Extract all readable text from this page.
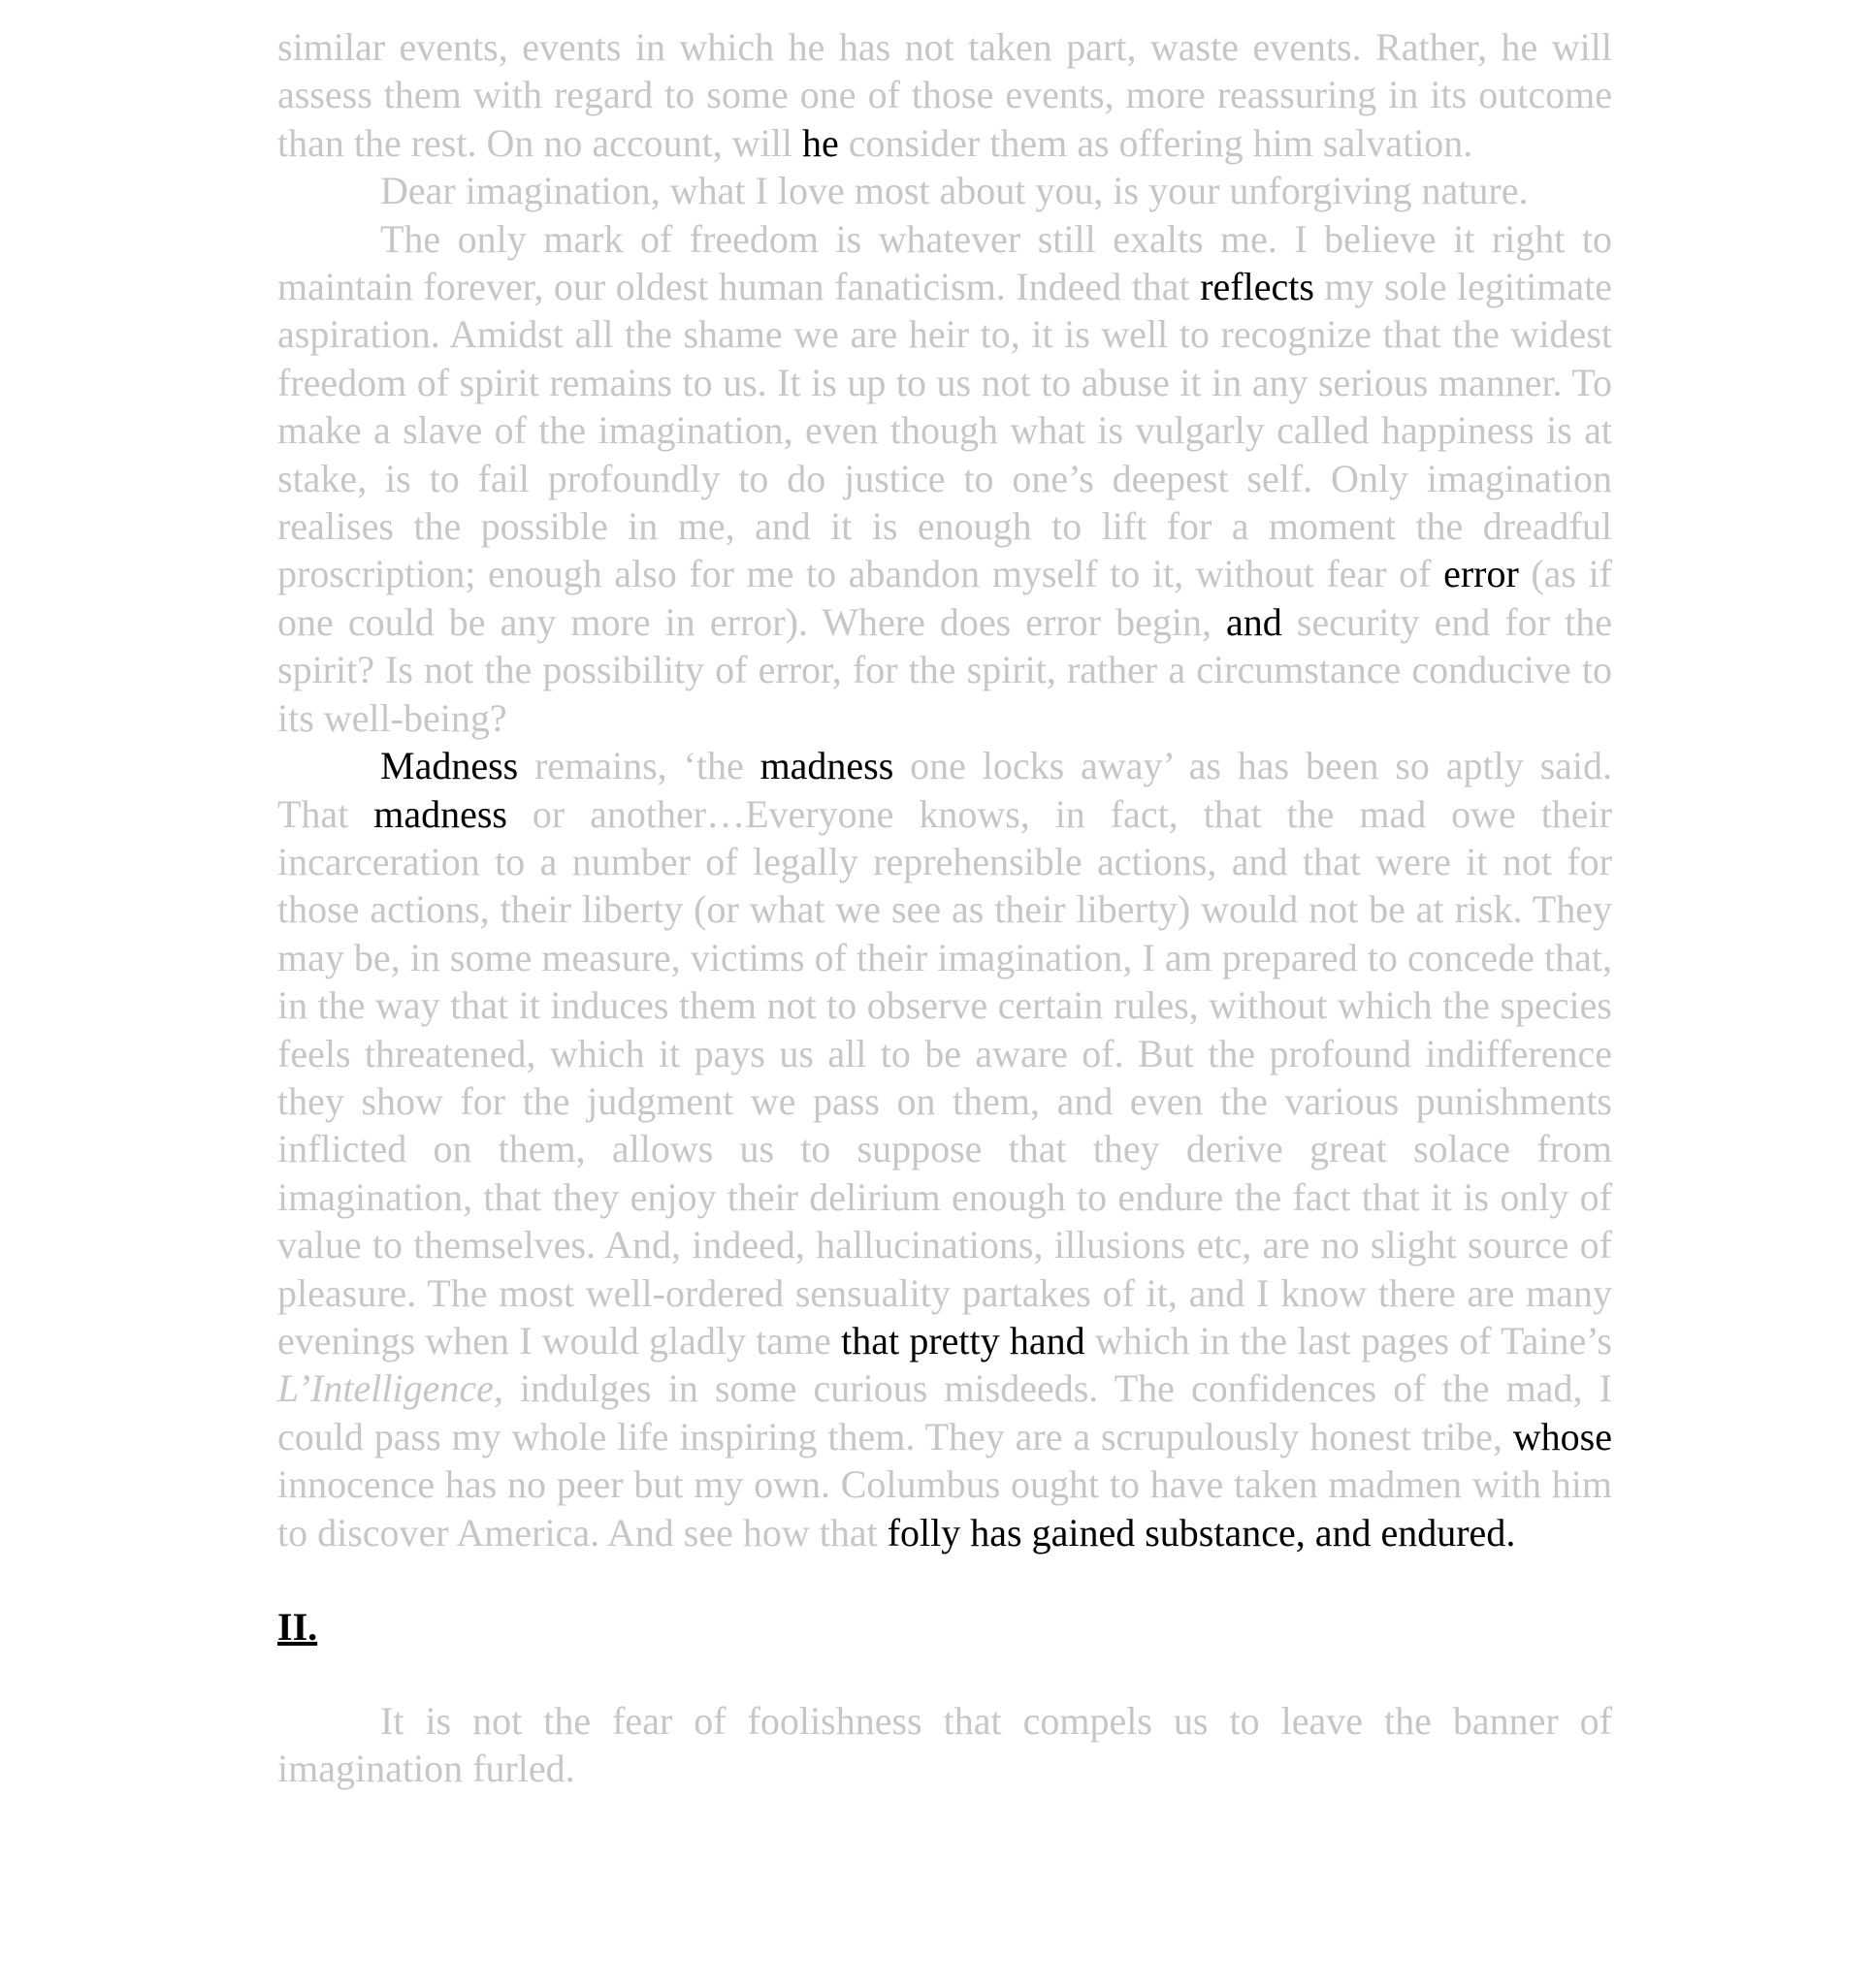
similar events, events in which he has not taken part, waste events. Rather, he will assess them with regard to some one of those events, more reassuring in its outcome than the rest. On no account, will he consider them as offering him salvation.

Dear imagination, what I love most about you, is your unforgiving nature.

The only mark of freedom is whatever still exalts me. I believe it right to maintain forever, our oldest human fanaticism. Indeed that reflects my sole legitimate aspiration. Amidst all the shame we are heir to, it is well to recognize that the widest freedom of spirit remains to us. It is up to us not to abuse it in any serious manner. To make a slave of the imagination, even though what is vulgarly called happiness is at stake, is to fail profoundly to do justice to one’s deepest self. Only imagination realises the possible in me, and it is enough to lift for a moment the dreadful proscription; enough also for me to abandon myself to it, without fear of error (as if one could be any more in error). Where does error begin, and security end for the spirit? Is not the possibility of error, for the spirit, rather a circumstance conducive to its well-being?

Madness remains, ‘the madness one locks away’ as has been so aptly said. That madness or another…Everyone knows, in fact, that the mad owe their incarceration to a number of legally reprehensible actions, and that were it not for those actions, their liberty (or what we see as their liberty) would not be at risk. They may be, in some measure, victims of their imagination, I am prepared to concede that, in the way that it induces them not to observe certain rules, without which the species feels threatened, which it pays us all to be aware of. But the profound indifference they show for the judgment we pass on them, and even the various punishments inflicted on them, allows us to suppose that they derive great solace from imagination, that they enjoy their delirium enough to endure the fact that it is only of value to themselves. And, indeed, hallucinations, illusions etc, are no slight source of pleasure. The most well-ordered sensuality partakes of it, and I know there are many evenings when I would gladly tame that pretty hand which in the last pages of Taine’s L’Intelligence, indulges in some curious misdeeds. The confidences of the mad, I could pass my whole life inspiring them. They are a scrupulously honest tribe, whose innocence has no peer but my own. Columbus ought to have taken madmen with him to discover America. And see how that folly has gained substance, and endured.

II.

It is not the fear of foolishness that compels us to leave the banner of imagination furled.
